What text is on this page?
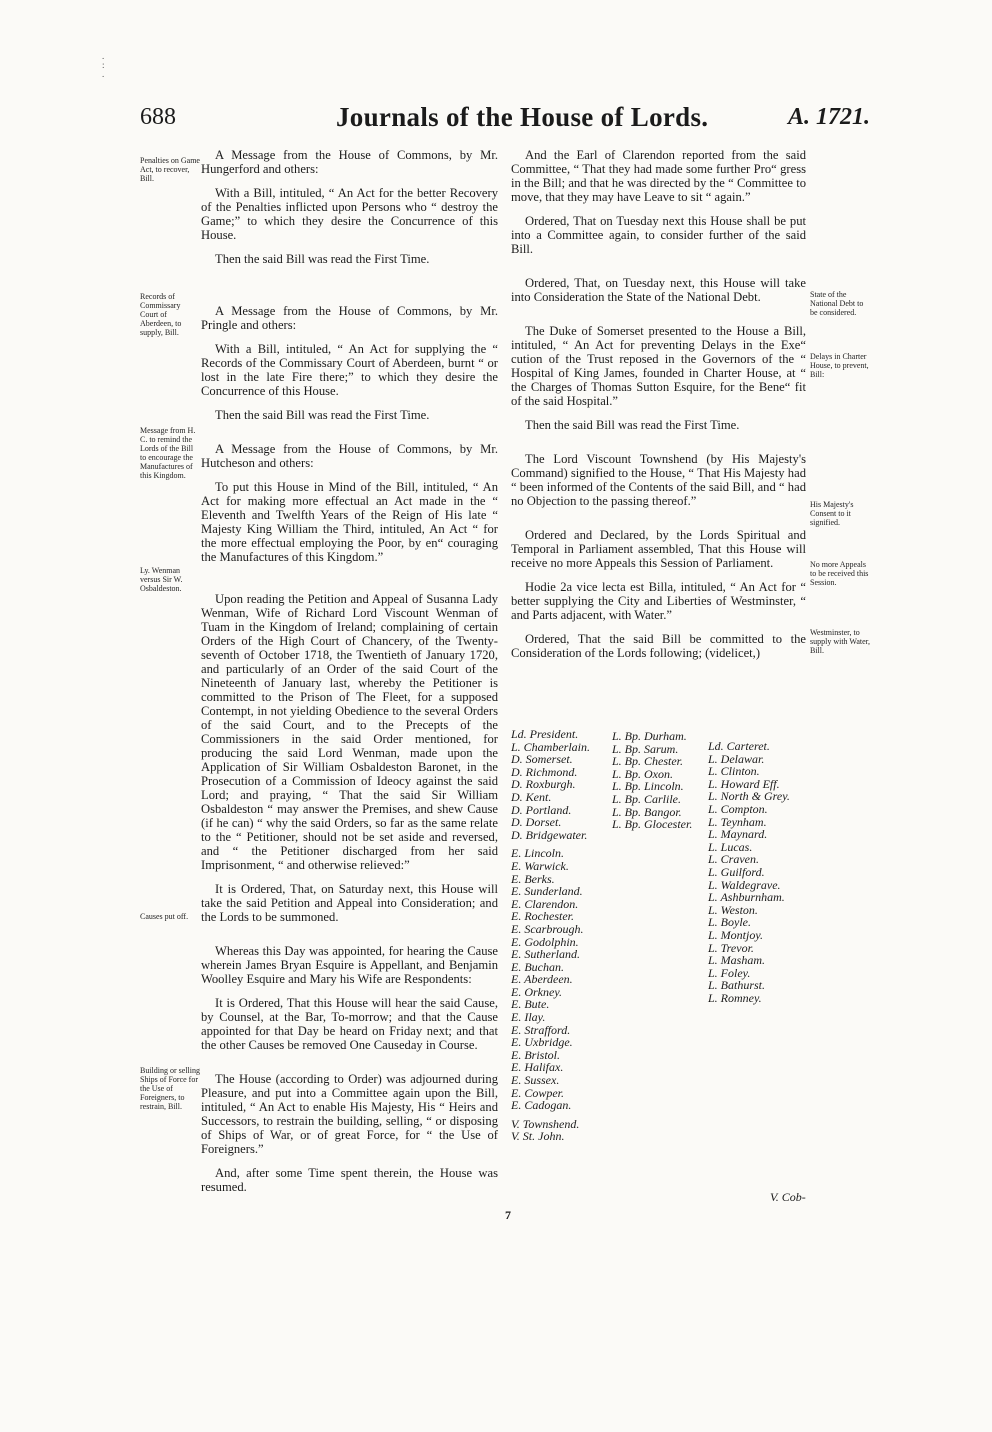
.
:
.
688	Journals of the House of Lords.	A. 1721.
Penalties on Game Act, to recover, Bill.
Records of Commissary Court of Aberdeen, to supply, Bill.
Message from H. C. to remind the Lords of the Bill to encourage the Manufactures of this Kingdom.
Ly. Wenman versus Sir W. Osbaldeston.
Causes put off.
Building or selling Ships of Force for the Use of Foreigners, to restrain, Bill.

A Message from the House of Commons, by Mr. Hungerford and others:

With a Bill, intituled, “ An Act for the better Recovery of the Penalties inflicted upon Persons who “ destroy the Game;” to which they desire the Concurrence of this House.

Then the said Bill was read the First Time.

A Message from the House of Commons, by Mr. Pringle and others:

With a Bill, intituled, “ An Act for supplying the “ Records of the Commissary Court of Aberdeen, burnt “ or lost in the late Fire there;” to which they desire the Concurrence of this House.

Then the said Bill was read the First Time.

A Message from the House of Commons, by Mr. Hutcheson and others:

To put this House in Mind of the Bill, intituled, “ An Act for making more effectual an Act made in the “ Eleventh and Twelfth Years of the Reign of His late “ Majesty King William the Third, intituled, An Act “ for the more effectual employing the Poor, by en“ couraging the Manufactures of this Kingdom.”

Upon reading the Petition and Appeal of Susanna Lady Wenman, Wife of Richard Lord Viscount Wenman of Tuam in the Kingdom of Ireland; complaining of certain Orders of the High Court of Chancery, of the Twenty-seventh of October 1718, the Twentieth of January 1720, and particularly of an Order of the said Court of the Nineteenth of January last, whereby the Petitioner is committed to the Prison of The Fleet, for a supposed Contempt, in not yielding Obedience to the several Orders of the said Court, and to the Precepts of the Commissioners in the said Order mentioned, for producing the said Lord Wenman, made upon the Application of Sir William Osbaldeston Baronet, in the Prosecution of a Commission of Ideocy against the said Lord; and praying, “ That the said Sir William Osbaldeston “ may answer the Premises, and shew Cause (if he can) “ why the said Orders, so far as the same relate to the “ Petitioner, should not be set aside and reversed, and “ the Petitioner discharged from her said Imprisonment, “ and otherwise relieved:”

It is Ordered, That, on Saturday next, this House will take the said Petition and Appeal into Consideration; and the Lords to be summoned.

Whereas this Day was appointed, for hearing the Cause wherein James Bryan Esquire is Appellant, and Benjamin Woolley Esquire and Mary his Wife are Respondents:

It is Ordered, That this House will hear the said Cause, by Counsel, at the Bar, To-morrow; and that the Cause appointed for that Day be heard on Friday next; and that the other Causes be removed One Causeday in Course.

The House (according to Order) was adjourned during Pleasure, and put into a Committee again upon the Bill, intituled, “ An Act to enable His Majesty, His “ Heirs and Successors, to restrain the building, selling, “ or disposing of Ships of War, or of great Force, for “ the Use of Foreigners.”

And, after some Time spent therein, the House was resumed.

State of the National Debt to be considered.
Delays in Charter House, to prevent, Bill:
His Majesty's Consent to it signified.
No more Appeals to be received this Session.
Westminster, to supply with Water, Bill.

And the Earl of Clarendon reported from the said Committee, “ That they had made some further Pro“ gress in the Bill; and that he was directed by the “ Committee to move, that they may have Leave to sit “ again.”

Ordered, That on Tuesday next this House shall be put into a Committee again, to consider further of the said Bill.

Ordered, That, on Tuesday next, this House will take into Consideration the State of the National Debt.

The Duke of Somerset presented to the House a Bill, intituled, “ An Act for preventing Delays in the Exe“ cution of the Trust reposed in the Governors of the “ Hospital of King James, founded in Charter House, at “ the Charges of Thomas Sutton Esquire, for the Bene“ fit of the said Hospital.”

Then the said Bill was read the First Time.

The Lord Viscount Townshend (by His Majesty's Command) signified to the House, “ That His Majesty had “ been informed of the Contents of the said Bill, and “ had no Objection to the passing thereof.”

Ordered and Declared, by the Lords Spiritual and Temporal in Parliament assembled, That this House will receive no more Appeals this Session of Parliament.

Hodie 2a vice lecta est Billa, intituled, “ An Act for “ better supplying the City and Liberties of Westminster, “ and Parts adjacent, with Water.”

Ordered, That the said Bill be committed to the Consideration of the Lords following; (videlicet,)

Ld. President.
L. Chamberlain.
D. Somerset.
D. Richmond.
D. Roxburgh.
D. Kent.
D. Portland.
D. Dorset.
D. Bridgewater.
E. Lincoln.
E. Warwick.
E. Berks.
E. Sunderland.
E. Clarendon.
E. Rochester.
E. Scarbrough.
E. Godolphin.
E. Sutherland.
E. Buchan.
E. Aberdeen.
E. Orkney.
E. Bute.
E. Ilay.
E. Strafford.
E. Uxbridge.
E. Bristol.
E. Halifax.
E. Sussex.
E. Cowper.
E. Cadogan.
V. Townshend.
V. St. John.
L. Bp. Durham.
L. Bp. Sarum.
L. Bp. Chester.
L. Bp. Oxon.
L. Bp. Lincoln.
L. Bp. Carlile.
L. Bp. Bangor.
L. Bp. Glocester.
Ld. Carteret.
L. Delawar.
L. Clinton.
L. Howard Eff.
L. North & Grey.
L. Compton.
L. Teynham.
L. Maynard.
L. Lucas.
L. Craven.
L. Guilford.
L. Waldegrave.
L. Ashburnham.
L. Weston.
L. Boyle.
L. Montjoy.
L. Trevor.
L. Masham.
L. Foley.
L. Bathurst.
L. Romney.
7
V. Cob-
